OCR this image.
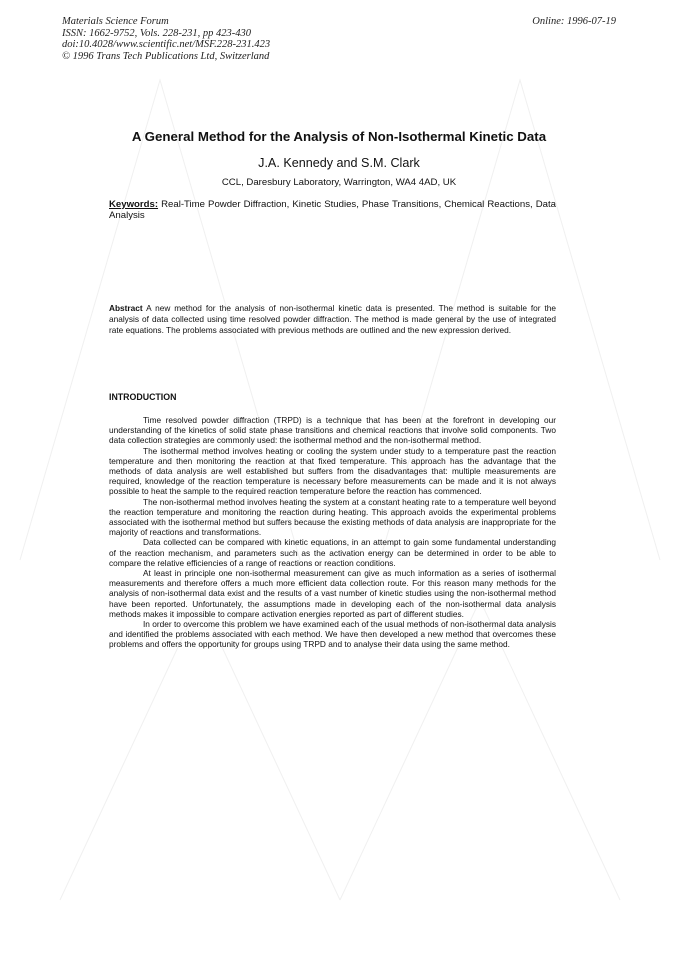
Materials Science Forum
ISSN: 1662-9752, Vols. 228-231, pp 423-430
doi:10.4028/www.scientific.net/MSF.228-231.423
© 1996 Trans Tech Publications Ltd, Switzerland
Online: 1996-07-19
A General Method for the Analysis of Non-Isothermal Kinetic Data
J.A. Kennedy and S.M. Clark
CCL, Daresbury Laboratory, Warrington, WA4 4AD, UK
Keywords: Real-Time Powder Diffraction, Kinetic Studies, Phase Transitions, Chemical Reactions, Data Analysis
Abstract A new method for the analysis of non-isothermal kinetic data is presented. The method is suitable for the analysis of data collected using time resolved powder diffraction. The method is made general by the use of integrated rate equations. The problems associated with previous methods are outlined and the new expression derived.
INTRODUCTION

Time resolved powder diffraction (TRPD) is a technique that has been at the forefront in developing our understanding of the kinetics of solid state phase transitions and chemical reactions that involve solid components. Two data collection strategies are commonly used: the isothermal method and the non-isothermal method.

The isothermal method involves heating or cooling the system under study to a temperature past the reaction temperature and then monitoring the reaction at that fixed temperature. This approach has the advantage that the methods of data analysis are well established but suffers from the disadvantages that: multiple measurements are required, knowledge of the reaction temperature is necessary before measurements can be made and it is not always possible to heat the sample to the required reaction temperature before the reaction has commenced.

The non-isothermal method involves heating the system at a constant heating rate to a temperature well beyond the reaction temperature and monitoring the reaction during heating. This approach avoids the experimental problems associated with the isothermal method but suffers because the existing methods of data analysis are inappropriate for the majority of reactions and transformations.

Data collected can be compared with kinetic equations, in an attempt to gain some fundamental understanding of the reaction mechanism, and parameters such as the activation energy can be determined in order to be able to compare the relative efficiencies of a range of reactions or reaction conditions.

At least in principle one non-isothermal measurement can give as much information as a series of isothermal measurements and therefore offers a much more efficient data collection route. For this reason many methods for the analysis of non-isothermal data exist and the results of a vast number of kinetic studies using the non-isothermal method have been reported. Unfortunately, the assumptions made in developing each of the non-isothermal data analysis methods makes it impossible to compare activation energies reported as part of different studies.

In order to overcome this problem we have examined each of the usual methods of non-isothermal data analysis and identified the problems associated with each method. We have then developed a new method that overcomes these problems and offers the opportunity for groups using TRPD and to analyse their data using the same method.
